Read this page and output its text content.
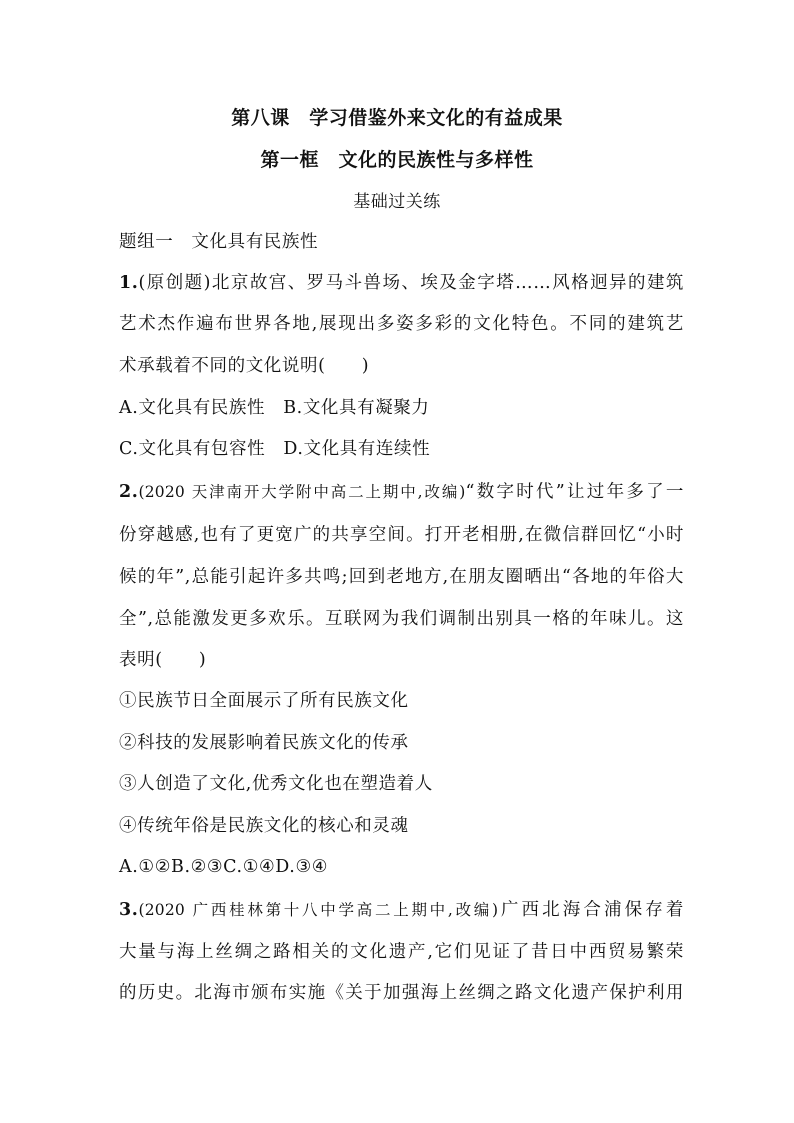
第八课　学习借鉴外来文化的有益成果
第一框　文化的民族性与多样性
基础过关练
题组一　文化具有民族性
1.(原创题)北京故宫、罗马斗兽场、埃及金字塔……风格迥异的建筑
艺术杰作遍布世界各地,展现出多姿多彩的文化特色。不同的建筑艺
术承载着不同的文化说明(　　)
A.文化具有民族性　B.文化具有凝聚力
C.文化具有包容性　D.文化具有连续性
2.(2020 天津南开大学附中高二上期中,改编)“数字时代”让过年多了一
份穿越感,也有了更宽广的共享空间。打开老相册,在微信群回忆“小时
候的年”,总能引起许多共鸣;回到老地方,在朋友圈晒出“各地的年俗大
全”,总能激发更多欢乐。互联网为我们调制出别具一格的年味儿。这
表明(　　)
①民族节日全面展示了所有民族文化
②科技的发展影响着民族文化的传承
③人创造了文化,优秀文化也在塑造着人
④传统年俗是民族文化的核心和灵魂
A.①②B.②③C.①④D.③④
3.(2020 广西桂林第十八中学高二上期中,改编)广西北海合浦保存着
大量与海上丝绸之路相关的文化遗产,它们见证了昔日中西贸易繁荣
的历史。北海市颁布实施《关于加强海上丝绸之路文化遗产保护利用
